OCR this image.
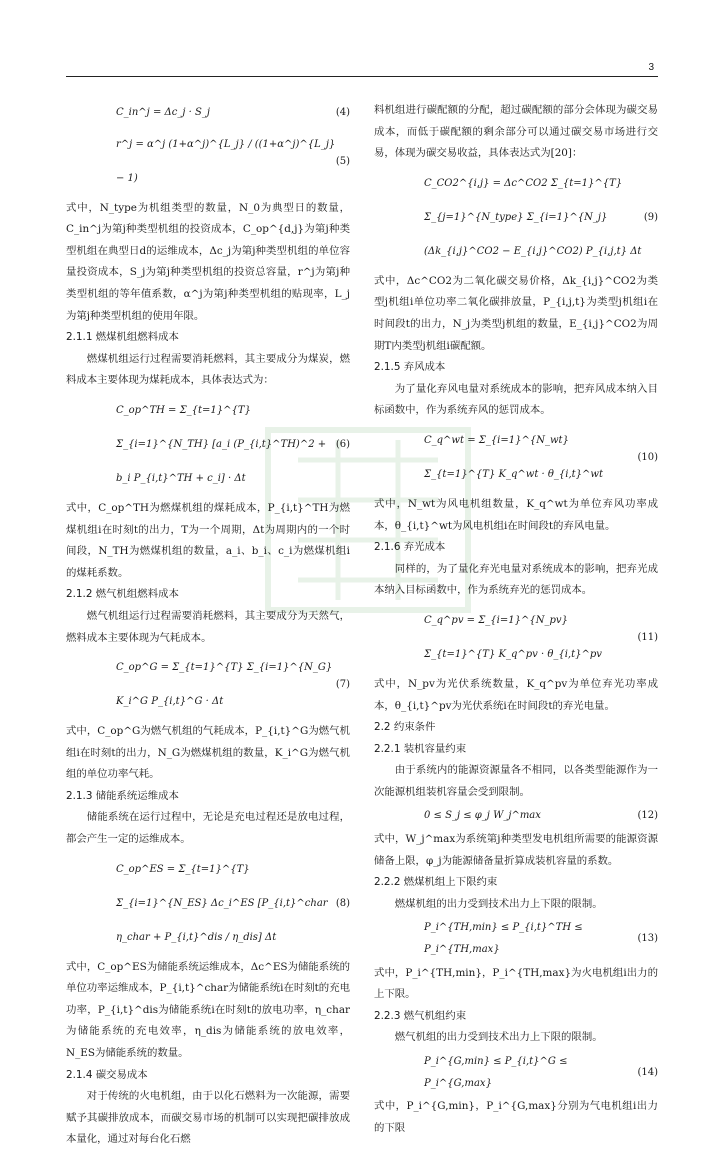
3
C_in^j = Δc_j · S_j	(4)
r^j = α^j (1+α^j)^{L_j} / ((1+α^j)^{L_j} − 1)
(5)

式中，N_type为机组类型的数量，N_0为典型日的数量，C_in^j为第j种类型机组的投资成本，C_op^{d,j}为第j种类型机组在典型日d的运维成本，Δc_j为第j种类型机组的单位容量投资成本，S_j为第j种类型机组的投资总容量，r^j为第j种类型机组的等年值系数，α^j为第j种类型机组的贴现率，L_j为第j种类型机组的使用年限。

2.1.1 燃煤机组燃料成本

燃煤机组运行过程需要消耗燃料，其主要成分为煤炭，燃料成本主要体现为煤耗成本，具体表达式为：

C_op^TH = Σ_{t=1}^{T} Σ_{i=1}^{N_TH} [a_i (P_{i,t}^TH)^2 + b_i P_{i,t}^TH + c_i] · Δt
(6)

式中，C_op^TH为燃煤机组的煤耗成本，P_{i,t}^TH为燃煤机组i在时刻t的出力，T为一个周期，Δt为周期内的一个时间段，N_TH为燃煤机组的数量，a_i、b_i、c_i为燃煤机组i的煤耗系数。

2.1.2 燃气机组燃料成本

燃气机组运行过程需要消耗燃料，其主要成分为天然气，燃料成本主要体现为气耗成本。

C_op^G = Σ_{t=1}^{T} Σ_{i=1}^{N_G} K_i^G P_{i,t}^G · Δt
(7)

式中，C_op^G为燃气机组的气耗成本，P_{i,t}^G为燃气机组i在时刻t的出力，N_G为燃煤机组的数量，K_i^G为燃气机组的单位功率气耗。

2.1.3 储能系统运维成本

储能系统在运行过程中，无论是充电过程还是放电过程，都会产生一定的运维成本。

C_op^ES = Σ_{t=1}^{T} Σ_{i=1}^{N_ES} Δc_i^ES [P_{i,t}^char η_char + P_{i,t}^dis / η_dis] Δt
(8)

式中，C_op^ES为储能系统运维成本，Δc^ES为储能系统的单位功率运维成本，P_{i,t}^char为储能系统i在时刻t的充电功率，P_{i,t}^dis为储能系统i在时刻t的放电功率，η_char为储能系统的充电效率，η_dis为储能系统的放电效率，N_ES为储能系统的数量。

2.1.4 碳交易成本

对于传统的火电机组，由于以化石燃料为一次能源，需要赋予其碳排放成本，而碳交易市场的机制可以实现把碳排放成本量化，通过对每台化石燃

料机组进行碳配额的分配，超过碳配额的部分会体现为碳交易成本，而低于碳配额的剩余部分可以通过碳交易市场进行交易，体现为碳交易收益，具体表达式为[20]：

C_CO2^{i,j} = Δc^CO2 Σ_{t=1}^{T} Σ_{j=1}^{N_type} Σ_{i=1}^{N_j} (Δk_{i,j}^CO2 − E_{i,j}^CO2) P_{i,j,t} Δt
(9)

式中，Δc^CO2为二氧化碳交易价格，Δk_{i,j}^CO2为类型j机组i单位功率二氧化碳排放量，P_{i,j,t}为类型j机组i在时间段t的出力，N_j为类型j机组的数量，E_{i,j}^CO2为周期T内类型j机组i碳配额。

2.1.5 弃风成本

为了量化弃风电量对系统成本的影响，把弃风成本纳入目标函数中，作为系统弃风的惩罚成本。

C_q^wt = Σ_{i=1}^{N_wt} Σ_{t=1}^{T} K_q^wt · θ_{i,t}^wt
(10)

式中，N_wt为风电机组数量，K_q^wt为单位弃风功率成本，θ_{i,t}^wt为风电机组i在时间段t的弃风电量。

2.1.6 弃光成本

同样的，为了量化弃光电量对系统成本的影响，把弃光成本纳入目标函数中，作为系统弃光的惩罚成本。

C_q^pv = Σ_{i=1}^{N_pv} Σ_{t=1}^{T} K_q^pv · θ_{i,t}^pv
(11)

式中，N_pv为光伏系统数量，K_q^pv为单位弃光功率成本，θ_{i,t}^pv为光伏系统i在时间段t的弃光电量。

2.2 约束条件
2.2.1 装机容量约束

由于系统内的能源资源量各不相同，以各类型能源作为一次能源机组装机容量会受到限制。

0 ≤ S_j ≤ φ_j W_j^max	(12)

式中，W_j^max为系统第j种类型发电机组所需要的能源资源储备上限，φ_j为能源储备量折算成装机容量的系数。

2.2.2 燃煤机组上下限约束

燃煤机组的出力受到技术出力上下限的限制。

P_i^{TH,min} ≤ P_{i,t}^TH ≤ P_i^{TH,max}
(13)

式中，P_i^{TH,min}，P_i^{TH,max}为火电机组i出力的上下限。

2.2.3 燃气机组约束

燃气机组的出力受到技术出力上下限的限制。

P_i^{G,min} ≤ P_{i,t}^G ≤ P_i^{G,max}
(14)

式中，P_i^{G,min}，P_i^{G,max}分别为气电机组i出力的下限
